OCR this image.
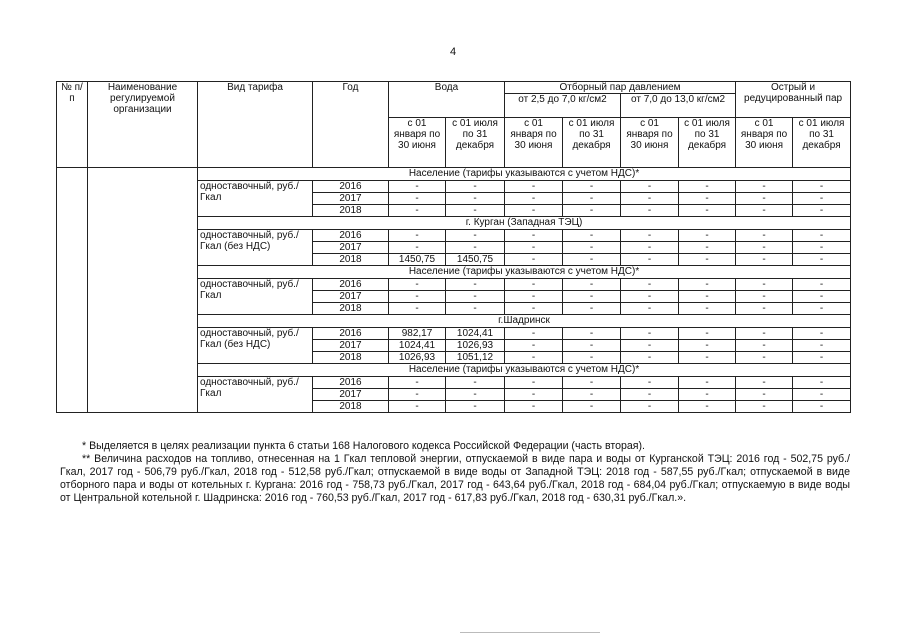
4
№ п/п	Наименование регулируемой организации	Вид тарифа	Год	Вода		Отборный пар давлением				Острый и редуцированный пар	
						от 2,5 до 7,0 кг/см2		от 7,0 до 13,0 кг/см2			
				с 01 января по 30 июня	с 01 июля по 31 декабря	с 01 января по 30 июня	с 01 июля по 31 декабря	с 01 января по 30 июня	с 01 июля по 31 декабря	с 01 января по 30 июня	с 01 июля по 31 декабря
		Население (тарифы указываются с учетом НДС)*									
		одноставочный, руб./Гкал	2016	-	-	-	-	-	-	-	-
			2017	-	-	-	-	-	-	-	-
			2018	-	-	-	-	-	-	-	-
		г. Курган (Западная ТЭЦ)									
		одноставочный, руб./Гкал (без НДС)	2016	-	-	-	-	-	-	-	-
			2017	-	-	-	-	-	-	-	-
			2018	1450,75	1450,75	-	-	-	-	-	-
		Население (тарифы указываются с учетом НДС)*									
		одноставочный, руб./Гкал	2016	-	-	-	-	-	-	-	-
			2017	-	-	-	-	-	-	-	-
			2018	-	-	-	-	-	-	-	-
		г.Шадринск									
		одноставочный, руб./Гкал (без НДС)	2016	982,17	1024,41	-	-	-	-	-	-
			2017	1024,41	1026,93	-	-	-	-	-	-
			2018	1026,93	1051,12	-	-	-	-	-	-
		Население (тарифы указываются с учетом НДС)*									
		одноставочный, руб./Гкал	2016	-	-	-	-	-	-	-	-
			2017	-	-	-	-	-	-	-	-
			2018	-	-	-	-	-	-	-	-

* Выделяется в целях реализации пункта 6 статьи 168 Налогового кодекса Российской Федерации (часть вторая).

** Величина расходов на топливо, отнесенная на 1 Гкал тепловой энергии, отпускаемой в виде пара и воды от Курганской ТЭЦ: 2016 год - 502,75 руб./Гкал, 2017 год - 506,79 руб./Гкал, 2018 год - 512,58 руб./Гкал; отпускаемой в виде воды от Западной ТЭЦ: 2018 год - 587,55 руб./Гкал; отпускаемой в виде отборного пара и воды от котельных г. Кургана: 2016 год - 758,73 руб./Гкал, 2017 год - 643,64 руб./Гкал, 2018 год - 684,04 руб./Гкал; отпускаемую в виде воды от Центральной котельной г. Шадринска: 2016 год - 760,53 руб./Гкал, 2017 год - 617,83 руб./Гкал, 2018 год - 630,31 руб./Гкал.».
